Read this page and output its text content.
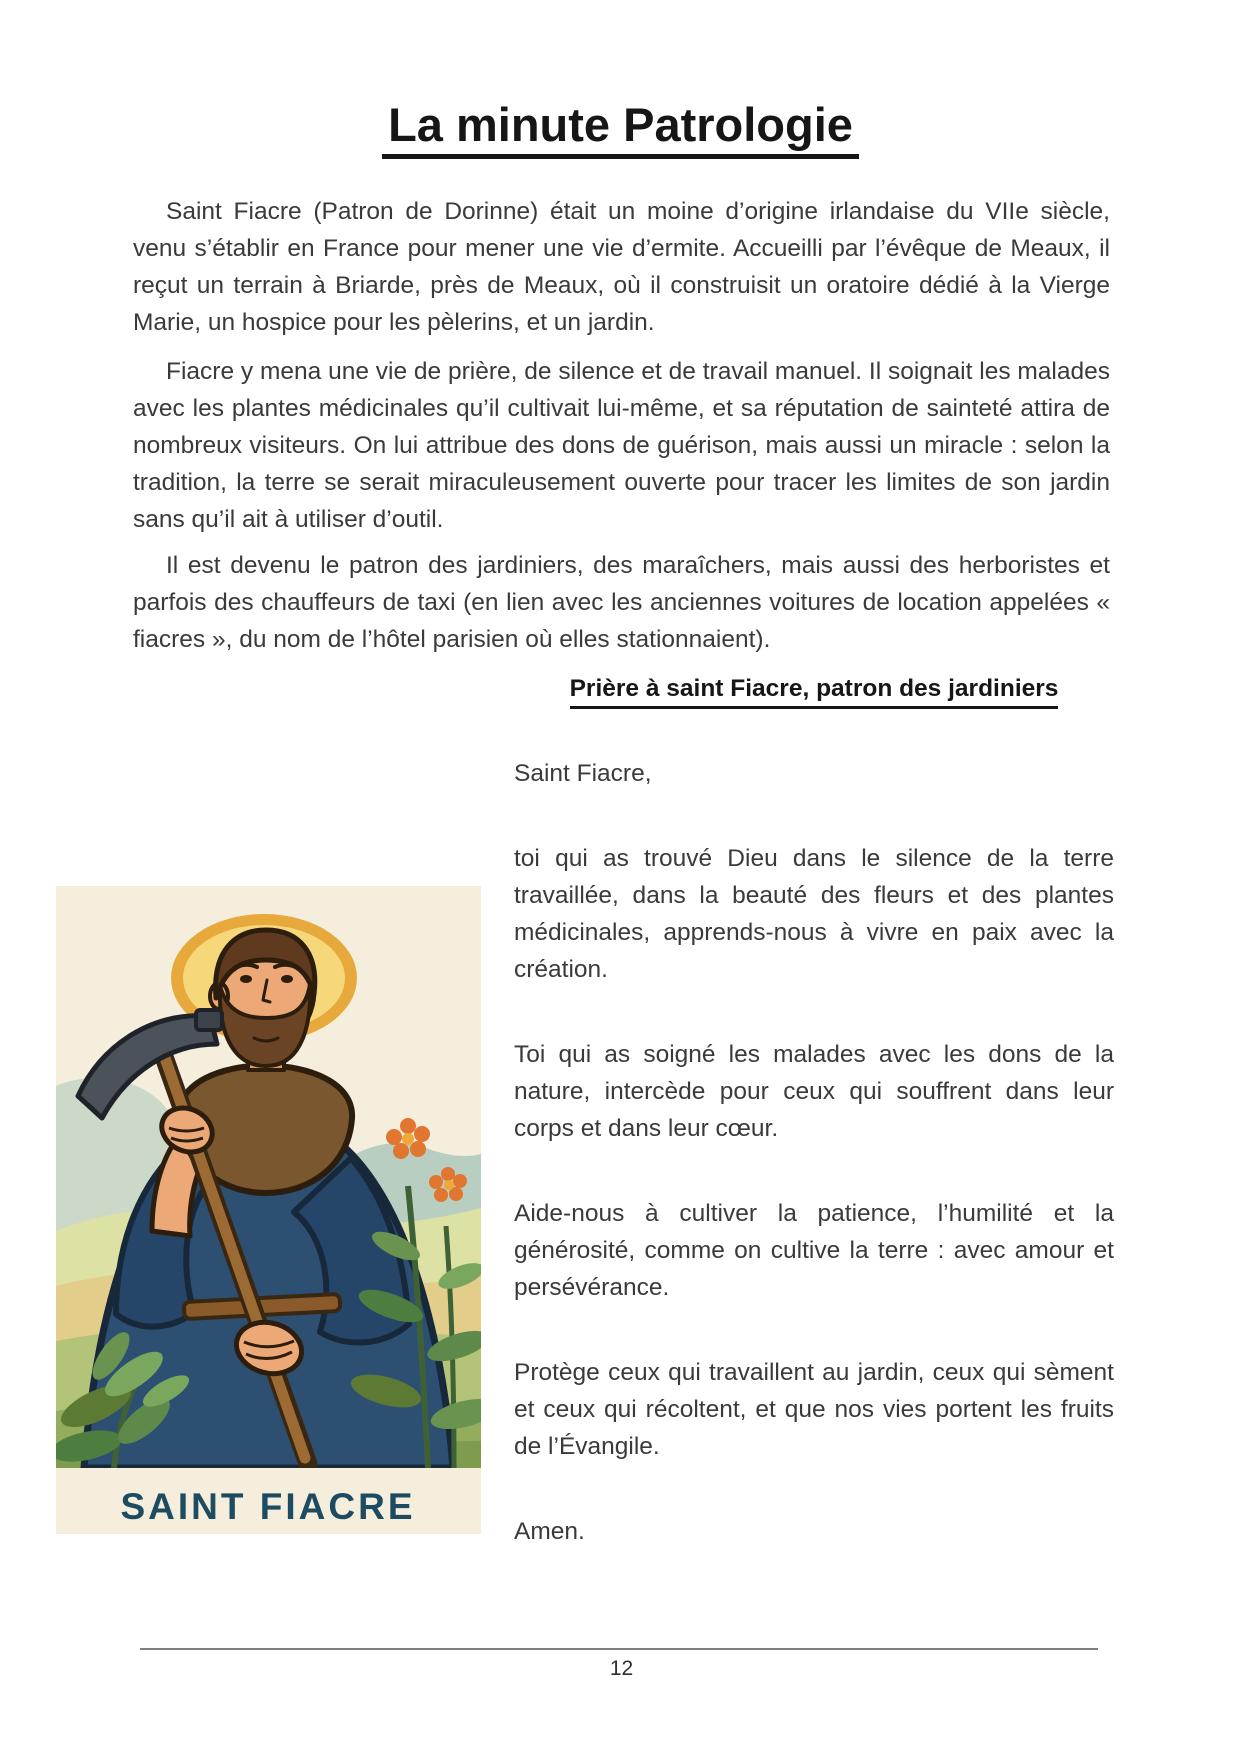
La minute Patrologie

Saint Fiacre (Patron de Dorinne) était un moine d’origine irlandaise du VIIe siècle, venu s’établir en France pour mener une vie d’ermite. Accueilli par l’évêque de Meaux, il reçut un terrain à Briarde, près de Meaux, où il construisit un oratoire dédié à la Vierge Marie, un hospice pour les pèlerins, et un jardin.

Fiacre y mena une vie de prière, de silence et de travail manuel. Il soignait les malades avec les plantes médicinales qu’il cultivait lui-même, et sa réputation de sainteté attira de nombreux visiteurs. On lui attribue des dons de guérison, mais aussi un miracle : selon la tradition, la terre se serait miraculeusement ouverte pour tracer les limites de son jardin sans qu’il ait à utiliser d’outil.

Il est devenu le patron des jardiniers, des maraîchers, mais aussi des herboristes et parfois des chauffeurs de taxi (en lien avec les anciennes voitures de location appelées « fiacres », du nom de l’hôtel parisien où elles stationnaient).

Prière à saint Fiacre, patron des jardiniers

Saint Fiacre,

toi qui as trouvé Dieu dans le silence de la terre travaillée, dans la beauté des fleurs et des plantes médicinales, apprends-nous à vivre en paix avec la création.

Toi qui as soigné les malades avec les dons de la nature, intercède pour ceux qui souffrent dans leur corps et dans leur cœur.

Aide-nous à cultiver la patience, l’humilité et la générosité, comme on cultive la terre : avec amour et persévérance.

Protège ceux qui travaillent au jardin, ceux qui sèment et ceux qui récoltent, et que nos vies portent les fruits de l’Évangile.

Amen.

SAINT FIACRE
12
